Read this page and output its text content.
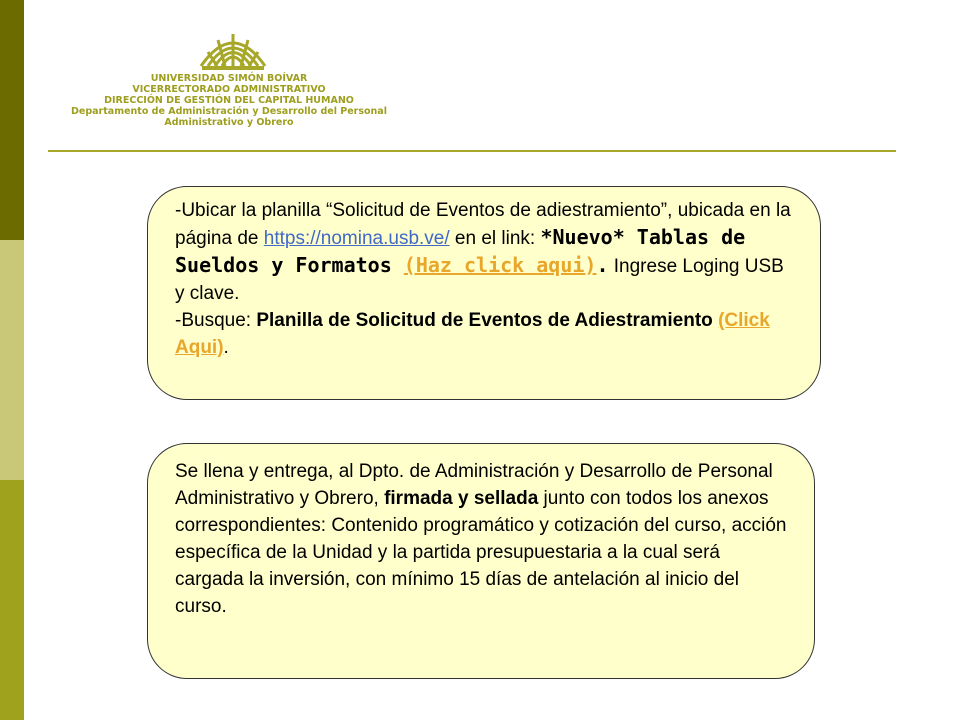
UNIVERSIDAD SIMÓN BOÍVAR
VICERRECTORADO ADMINISTRATIVO
DIRECCIÓN DE GESTIÓN DEL CAPITAL HUMANO
Departamento de Administración y Desarrollo del Personal
Administrativo y Obrero
-Ubicar la planilla “Solicitud de Eventos de adiestramiento”, ubicada en la página de https://nomina.usb.ve/ en el link: *Nuevo* Tablas de Sueldos y Formatos (Haz click aqui). Ingrese Loging USB y clave.
-Busque: Planilla de Solicitud de Eventos de Adiestramiento (Click Aqui).
Se llena y entrega, al Dpto. de Administración y Desarrollo de Personal Administrativo y Obrero, firmada y sellada junto con todos los anexos correspondientes: Contenido programático y cotización del curso, acción específica de la Unidad y la partida presupuestaria a la cual será cargada la inversión, con mínimo 15 días de antelación al inicio del curso.
